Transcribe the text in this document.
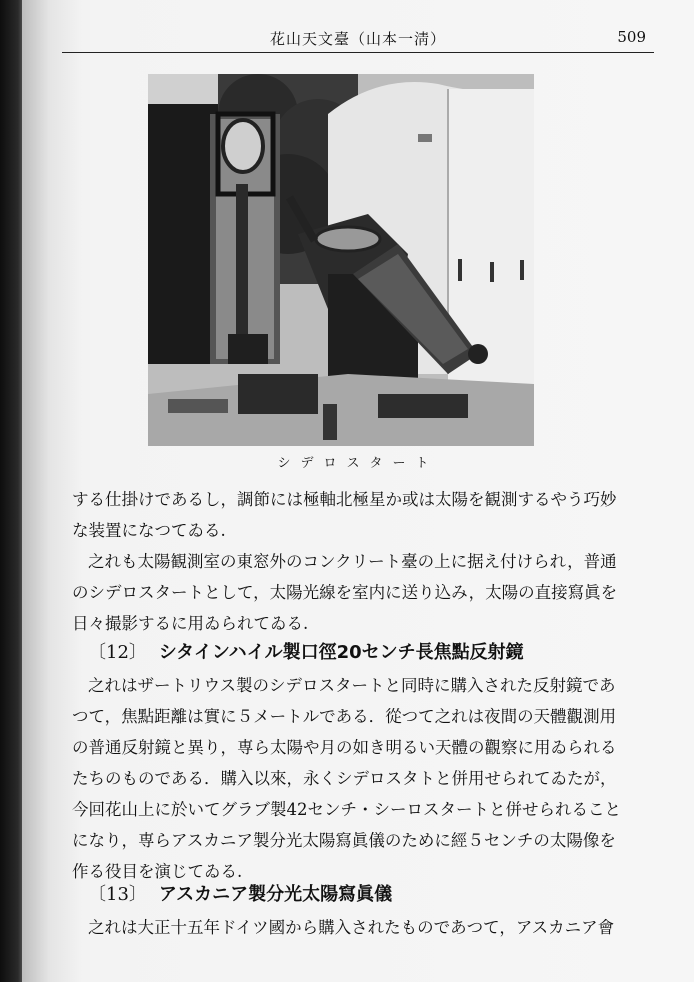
花山天文臺（山本一淸）	509
シデロスタート
する仕掛けであるし，調節には極軸北極星か或は太陽を観測するやう巧妙
な装置になつてゐる.
之れも太陽観測室の東窓外のコンクリート臺の上に据え付けられ，普通
のシデロスタートとして，太陽光線を室内に送り込み，太陽の直接寫眞を
日々撮影するに用ゐられてゐる.
〔12〕 シタインハイル製口徑20センチ長焦點反射鏡
之れはザートリウス製のシデロスタートと同時に購入された反射鏡であ
つて，焦點距離は實に５メートルである．從つて之れは夜間の天體觀測用
の普通反射鏡と異り，専ら太陽や月の如き明るい天體の觀察に用ゐられる
たちのものである．購入以來，永くシデロスタトと併用せられてゐたが，
今回花山上に於いてグラブ製42センチ・シーロスタートと併せられること
になり，専らアスカニア製分光太陽寫眞儀のために經５センチの太陽像を
作る役目を演じてゐる.
〔13〕 アスカニア製分光太陽寫眞儀
之れは大正十五年ドイツ國から購入されたものであつて，アスカニア會
